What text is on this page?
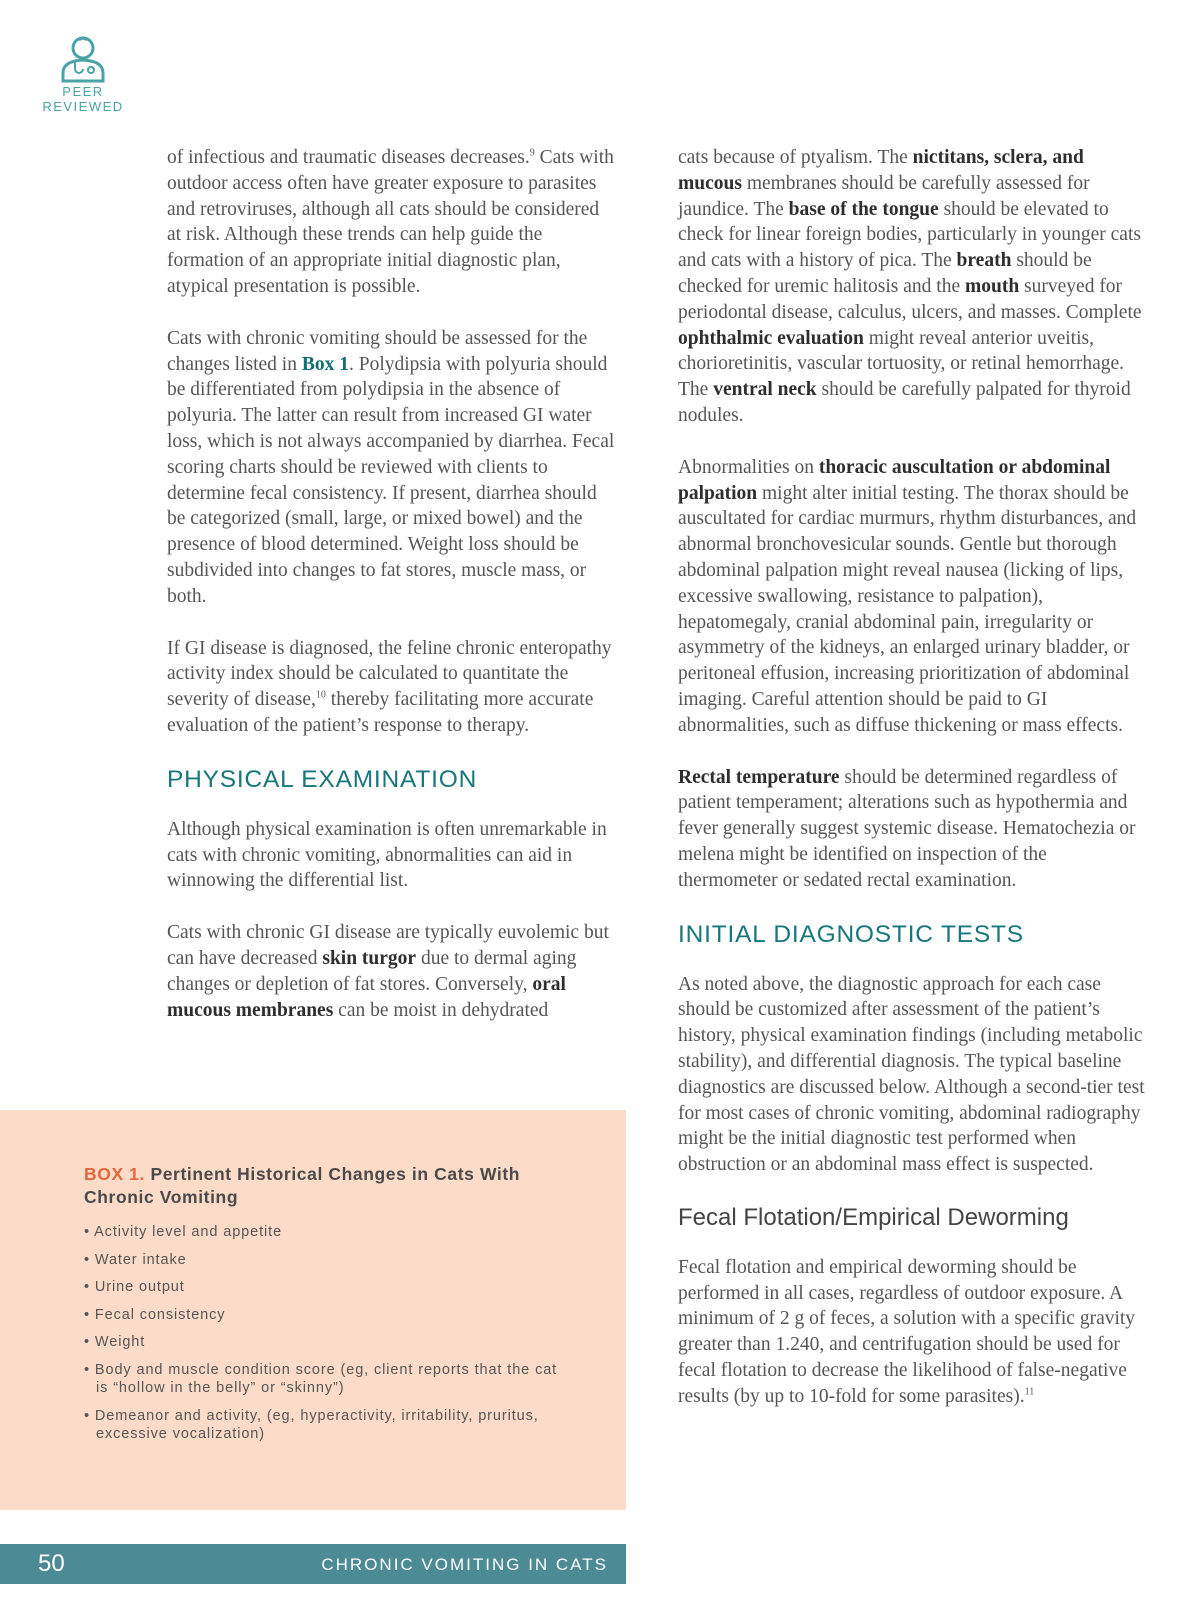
PEER
REVIEWED

of infectious and traumatic diseases decreases.$^9$ Cats with outdoor access often have greater exposure to parasites and retroviruses, although all cats should be considered at risk. Although these trends can help guide the formation of an appropriate initial diagnostic plan, atypical presentation is possible.

Cats with chronic vomiting should be assessed for the changes listed in Box 1. Polydipsia with polyuria should be differentiated from polydipsia in the absence of polyuria. The latter can result from increased GI water loss, which is not always accompanied by diarrhea. Fecal scoring charts should be reviewed with clients to determine fecal consistency. If present, diarrhea should be categorized (small, large, or mixed bowel) and the presence of blood determined. Weight loss should be subdivided into changes to fat stores, muscle mass, or both.

If GI disease is diagnosed, the feline chronic enteropathy activity index should be calculated to quantitate the severity of disease,$^{10}$ thereby facilitating more accurate evaluation of the patient’s response to therapy.

PHYSICAL EXAMINATION

Although physical examination is often unremarkable in cats with chronic vomiting, abnormalities can aid in winnowing the differential list.

Cats with chronic GI disease are typically euvolemic but can have decreased skin turgor due to dermal aging changes or depletion of fat stores. Conversely, oral mucous membranes can be moist in dehydrated

cats because of ptyalism. The nictitans, sclera, and mucous membranes should be carefully assessed for jaundice. The base of the tongue should be elevated to check for linear foreign bodies, particularly in younger cats and cats with a history of pica. The breath should be checked for uremic halitosis and the mouth surveyed for periodontal disease, calculus, ulcers, and masses. Complete ophthalmic evaluation might reveal anterior uveitis, chorioretinitis, vascular tortuosity, or retinal hemorrhage. The ventral neck should be carefully palpated for thyroid nodules.

Abnormalities on thoracic auscultation or abdominal palpation might alter initial testing. The thorax should be auscultated for cardiac murmurs, rhythm disturbances, and abnormal bronchovesicular sounds. Gentle but thorough abdominal palpation might reveal nausea (licking of lips, excessive swallowing, resistance to palpation), hepatomegaly, cranial abdominal pain, irregularity or asymmetry of the kidneys, an enlarged urinary bladder, or peritoneal effusion, increasing prioritization of abdominal imaging. Careful attention should be paid to GI abnormalities, such as diffuse thickening or mass effects.

Rectal temperature should be determined regardless of patient temperament; alterations such as hypothermia and fever generally suggest systemic disease. Hematochezia or melena might be identified on inspection of the thermometer or sedated rectal examination.

INITIAL DIAGNOSTIC TESTS

As noted above, the diagnostic approach for each case should be customized after assessment of the patient’s history, physical examination findings (including metabolic stability), and differential diagnosis. The typical baseline diagnostics are discussed below. Although a second-tier test for most cases of chronic vomiting, abdominal radiography might be the initial diagnostic test performed when obstruction or an abdominal mass effect is suspected.

Fecal Flotation/Empirical Deworming

Fecal flotation and empirical deworming should be performed in all cases, regardless of outdoor exposure. A minimum of 2 g of feces, a solution with a specific gravity greater than 1.240, and centrifugation should be used for fecal flotation to decrease the likelihood of false-negative results (by up to 10-fold for some parasites).$^{11}$

BOX 1. Pertinent Historical Changes in Cats With Chronic Vomiting
• Activity level and appetite
• Water intake
• Urine output
• Fecal consistency
• Weight
• Body and muscle condition score (eg, client reports that the cat is “hollow in the belly” or “skinny”)
• Demeanor and activity, (eg, hyperactivity, irritability, pruritus, excessive vocalization)
50	CHRONIC VOMITING IN CATS
